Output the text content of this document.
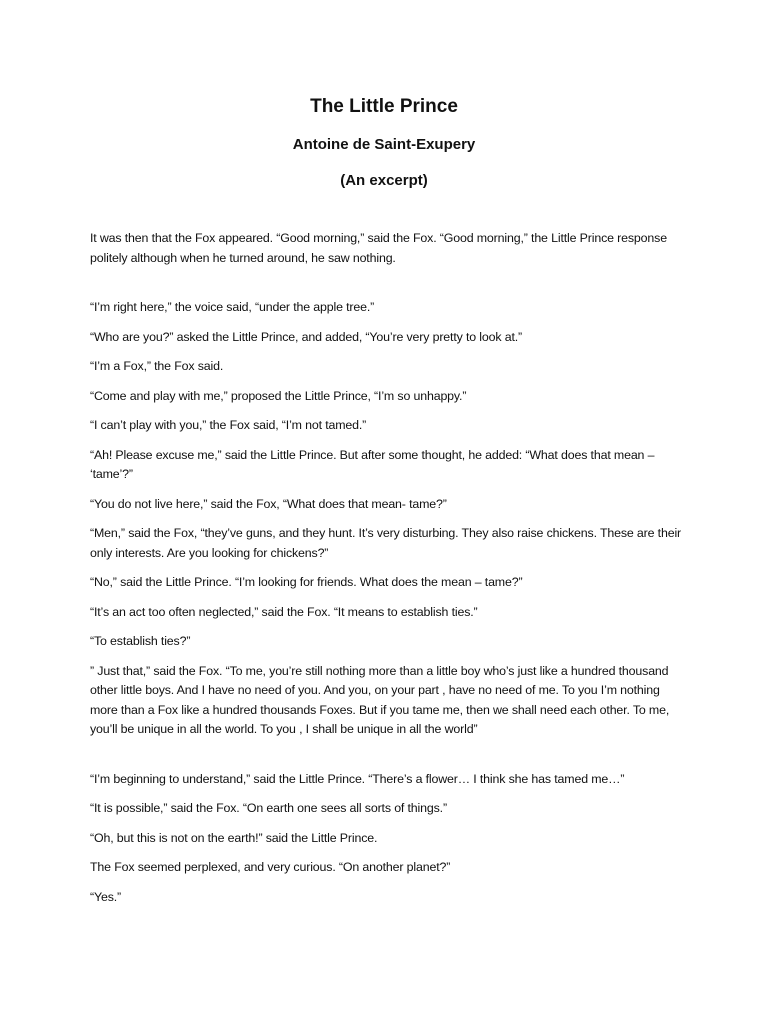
The Little Prince
Antoine de Saint-Exupery
(An excerpt)

It was then that the Fox appeared. “Good morning,” said the Fox. “Good morning,” the Little Prince response politely although when he turned around, he saw nothing.

“I’m right here,” the voice said, “under the apple tree.”

“Who are you?” asked the Little Prince, and added, “You’re very pretty to look at.”

“I’m a Fox,” the Fox said.

“Come and play with me,” proposed the Little Prince, “I’m so unhappy.”

“I can’t play with you,” the Fox said, “I’m not tamed.”

“Ah! Please excuse me,” said the Little Prince. But after some thought, he added: “What does that mean – ‘tame’?”

“You do not live here,” said the Fox, “What does that mean- tame?”

“Men,” said the Fox, “they’ve guns, and they hunt. It’s very disturbing. They also raise chickens. These are their only interests. Are you looking for chickens?”

“No,” said the Little Prince. “I’m looking for friends. What does the mean – tame?”

“It’s an act too often neglected,” said the Fox. “It means to establish ties.”

“To establish ties?”

” Just that,” said the Fox. “To me, you’re still nothing more than a little boy who’s just like a hundred thousand other little boys. And I have no need of you. And you, on your part , have no need of me. To you I’m nothing more than a Fox like a hundred thousands Foxes. But if you tame me, then we shall need each other. To me, you’ll be unique in all the world. To you , I shall be unique in all the world”

“I’m beginning to understand,” said the Little Prince. “There’s a flower… I think she has tamed me…”

“It is possible,” said the Fox. “On earth one sees all sorts of things.”

“Oh, but this is not on the earth!” said the Little Prince.

The Fox seemed perplexed, and very curious. “On another planet?”

“Yes.”
